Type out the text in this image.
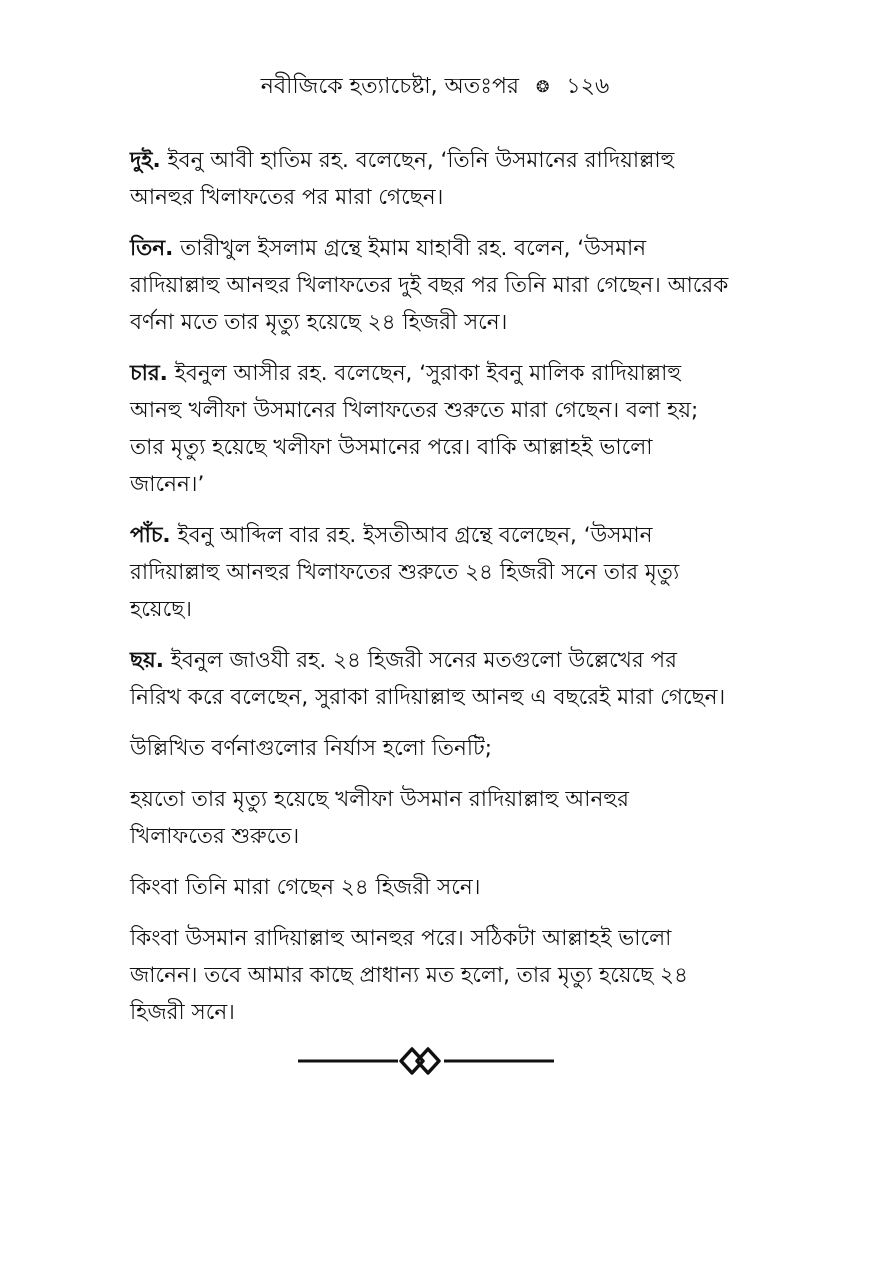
নবীজিকে হত্যাচেষ্টা, অতঃপর ❂ ১২৬

দুই. ইবনু আবী হাতিম রহ. বলেছেন, ‘তিনি উসমানের রাদিয়াল্লাহু আনহুর খিলাফতের পর মারা গেছেন।

তিন. তারীখুল ইসলাম গ্রন্থে ইমাম যাহাবী রহ. বলেন, ‘উসমান রাদিয়াল্লাহু আনহুর খিলাফতের দুই বছর পর তিনি মারা গেছেন। আরেক বর্ণনা মতে তার মৃত্যু হয়েছে ২৪ হিজরী সনে।

চার. ইবনুল আসীর রহ. বলেছেন, ‘সুরাকা ইবনু মালিক রাদিয়াল্লাহু আনহু খলীফা উসমানের খিলাফতের শুরুতে মারা গেছেন। বলা হয়; তার মৃত্যু হয়েছে খলীফা উসমানের পরে। বাকি আল্লাহই ভালো জানেন।’

পাঁচ. ইবনু আব্দিল বার রহ. ইসতীআব গ্রন্থে বলেছেন, ‘উসমান রাদিয়াল্লাহু আনহুর খিলাফতের শুরুতে ২৪ হিজরী সনে তার মৃত্যু হয়েছে।

ছয়. ইবনুল জাওযী রহ. ২৪ হিজরী সনের মতগুলো উল্লেখের পর নিরিখ করে বলেছেন, সুরাকা রাদিয়াল্লাহু আনহু এ বছরেই মারা গেছেন।

উল্লিখিত বর্ণনাগুলোর নির্যাস হলো তিনটি;

হয়তো তার মৃত্যু হয়েছে খলীফা উসমান রাদিয়াল্লাহু আনহুর খিলাফতের শুরুতে।

কিংবা তিনি মারা গেছেন ২৪ হিজরী সনে।

কিংবা উসমান রাদিয়াল্লাহু আনহুর পরে। সঠিকটা আল্লাহই ভালো জানেন। তবে আমার কাছে প্রাধান্য মত হলো, তার মৃত্যু হয়েছে ২৪ হিজরী সনে।
